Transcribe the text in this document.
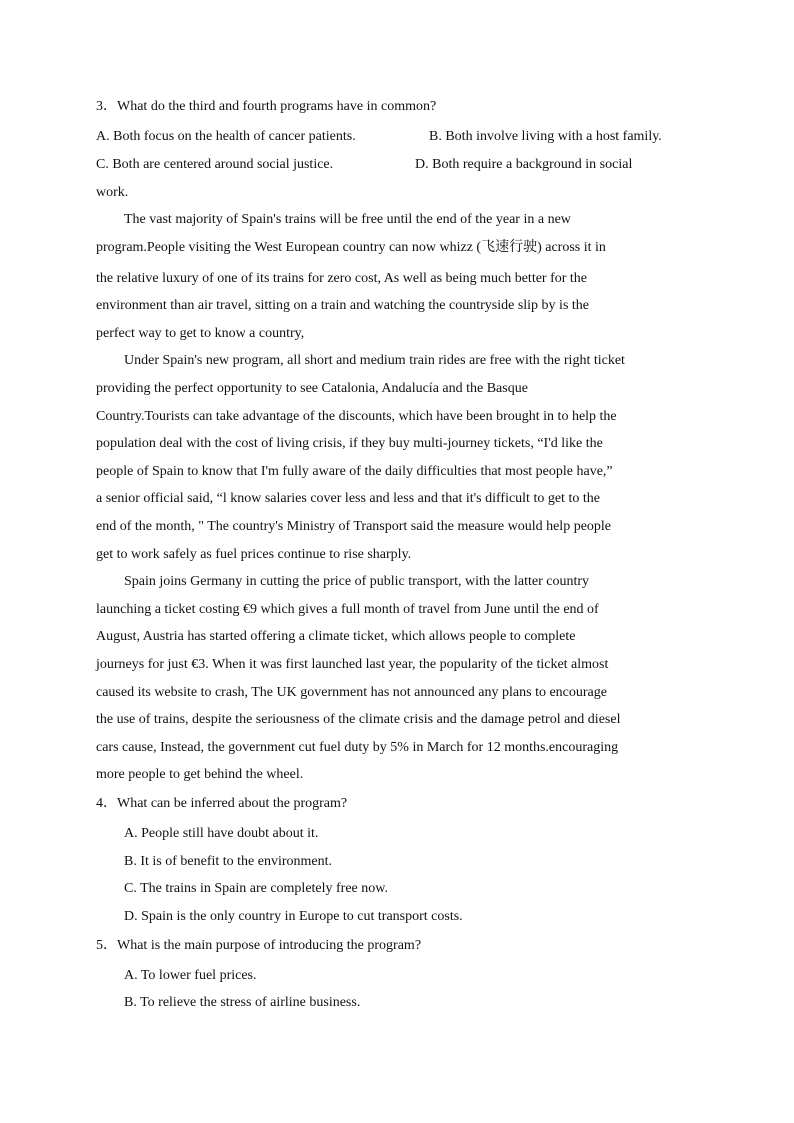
3．What do the third and fourth programs have in common?
A. Both focus on the health of cancer patients.	B. Both involve living with a host family.
C. Both are centered around social justice.	D. Both require a background in social
work.
The vast majority of Spain's trains will be free until the end of the year in a new
program.People visiting the West European country can now whizz (飞速行驶) across it in
the relative luxury of one of its trains for zero cost, As well as being much better for the
environment than air travel, sitting on a train and watching the countryside slip by is the
perfect way to get to know a country,
Under Spain's new program, all short and medium train rides are free with the right ticket
providing the perfect opportunity to see Catalonia, Andalucía and the Basque
Country.Tourists can take advantage of the discounts, which have been brought in to help the
population deal with the cost of living crisis, if they buy multi-journey tickets, “I'd like the
people of Spain to know that I'm fully aware of the daily difficulties that most people have,”
a senior official said, “l know salaries cover less and less and that it's difficult to get to the
end of the month, " The country's Ministry of Transport said the measure would help people
get to work safely as fuel prices continue to rise sharply.
Spain joins Germany in cutting the price of public transport, with the latter country
launching a ticket costing €9 which gives a full month of travel from June until the end of
August, Austria has started offering a climate ticket, which allows people to complete
journeys for just €3. When it was first launched last year, the popularity of the ticket almost
caused its website to crash, The UK government has not announced any plans to encourage
the use of trains, despite the seriousness of the climate crisis and the damage petrol and diesel
cars cause, Instead, the government cut fuel duty by 5% in March for 12 months.encouraging
more people to get behind the wheel.
4．What can be inferred about the program?
A. People still have doubt about it.
B. It is of benefit to the environment.
C. The trains in Spain are completely free now.
D. Spain is the only country in Europe to cut transport costs.
5．What is the main purpose of introducing the program?
A. To lower fuel prices.
B. To relieve the stress of airline business.
